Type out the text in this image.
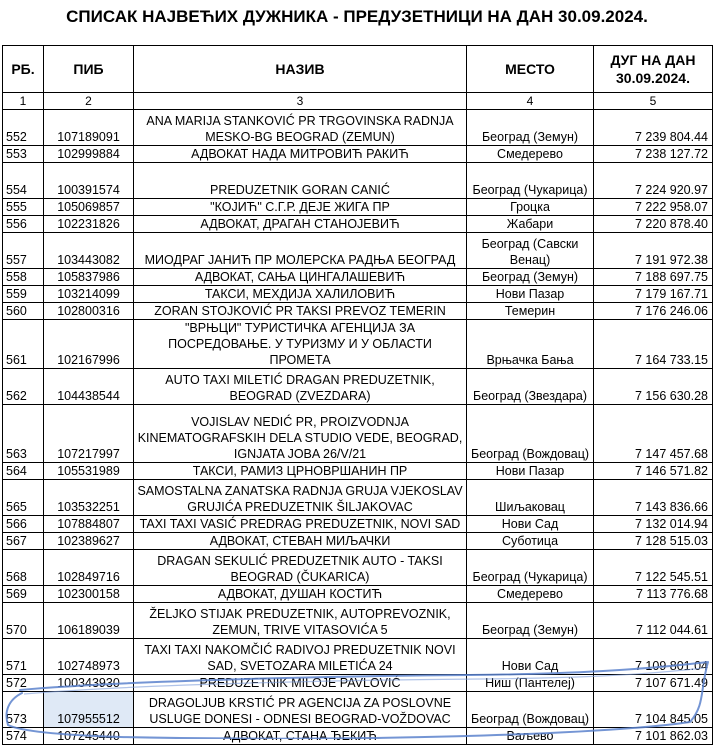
СПИСАК НАЈВЕЋИХ ДУЖНИКА - ПРЕДУЗЕТНИЦИ НА ДАН 30.09.2024.
РБ.	ПИБ	НАЗИВ	МЕСТО	ДУГ НА ДАН 30.09.2024.
1	2	3	4	5
552	107189091	ANA MARIJA STANKOVIĆ PR TRGOVINSKA RADNJA MESKO-BG BEOGRAD (ZEMUN)	Београд (Земун)	7 239 804.44
553	102999884	АДВОКАТ НАДА МИТРОВИЋ РАКИЋ	Смедерево	7 238 127.72
554	100391574	PREDUZETNIK GORAN CANIĆ	Београд (Чукарица)	7 224 920.97
555	105069857	"КОЈИЋ" С.Г.Р. ДЕЈЕ ЖИГА ПР	Гроцка	7 222 958.07
556	102231826	АДВОКАТ, ДРАГАН СТАНОЈЕВИЋ	Жабари	7 220 878.40
557	103443082	МИОДРАГ ЈАНИЋ ПР МОЛЕРСКА РАДЊА БЕОГРАД	Београд (Савски Венац)	7 191 972.38
558	105837986	АДВОКАТ, САЊА ЦИНГАЛАШЕВИЋ	Београд (Земун)	7 188 697.75
559	103214099	ТАКСИ, МЕХДИЈА ХАЛИЛОВИЋ	Нови Пазар	7 179 167.71
560	102800316	ZORAN STOJKOVIĆ PR TAKSI PREVOZ TEMERIN	Темерин	7 176 246.06
561	102167996	"ВРЊЦИ" ТУРИСТИЧКА АГЕНЦИЈА ЗА ПОСРЕДОВАЊЕ. У ТУРИЗМУ И У ОБЛАСТИ ПРОМЕТА	Врњачка Бања	7 164 733.15
562	104438544	AUTO TAXI MILETIĆ DRAGAN PREDUZETNIK, BEOGRAD (ZVEZDARA)	Београд (Звездара)	7 156 630.28
563	107217997	VOJISLAV NEDIĆ PR, PROIZVODNJA KINEMATOGRAFSKIH DELA STUDIO VEDE, BEOGRAD, IGNJATA JOBA 26/V/21	Београд (Вождовац)	7 147 457.68
564	105531989	ТАКСИ, РАМИЗ ЦРНОВРШАНИН ПР	Нови Пазар	7 146 571.82
565	103532251	SAMOSTALNA ZANATSKA RADNJA GRUJA VJEKOSLAV GRUJIĆA PREDUZETNIK ŠILJAKOVAC	Шиљаковац	7 143 836.66
566	107884807	TAXI TAXI VASIĆ PREDRAG PREDUZETNIK, NOVI SAD	Нови Сад	7 132 014.94
567	102389627	АДВОКАТ, СТЕВАН МИЉАЧКИ	Суботица	7 128 515.03
568	102849716	DRAGAN SEKULIĆ PREDUZETNIK AUTO - TAKSI BEOGRAD (ČUKARICA)	Београд (Чукарица)	7 122 545.51
569	102300158	АДВОКАТ, ДУШАН КОСТИЋ	Смедерево	7 113 776.68
570	106189039	ŽELJKO STIJAK PREDUZETNIK, AUTOPREVOZNIK, ZEMUN, TRIVE VITASOVIĆA 5	Београд (Земун)	7 112 044.61
571	102748973	TAXI TAXI NAKOMČIĆ RADIVOJ PREDUZETNIK NOVI SAD, SVETOZARA MILETIĆA 24	Нови Сад	7 109 801.04
572	100343930	PREDUZETNIK MILOJE PAVLOVIĆ	Ниш (Пантелеј)	7 107 671.49
573	107955512	DRAGOLJUB KRSTIĆ PR AGENCIJA ZA POSLOVNE USLUGE DONESI - ODNESI BEOGRAD-VOŽDOVAC	Београд (Вождовац)	7 104 845.05
574	107245440	АДВОКАТ, СТАНА ЂЕКИЋ	Ваљево	7 101 862.03
